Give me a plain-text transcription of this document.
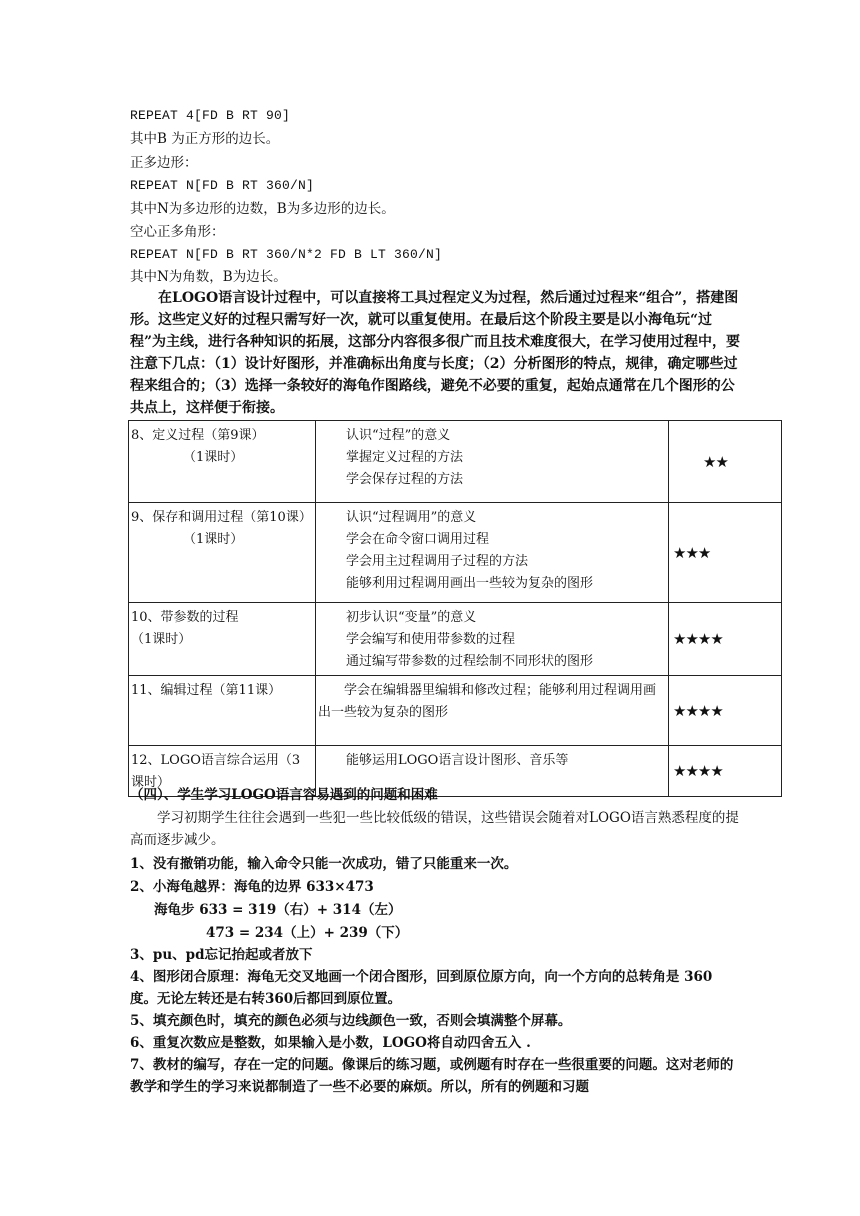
REPEAT 4[FD B RT 90]
其中B 为正方形的边长。
正多边形：
REPEAT N[FD B RT 360/N]
其中N为多边形的边数，B为多边形的边长。
空心正多角形：
REPEAT N[FD B RT 360/N*2 FD B LT 360/N]
其中N为角数，B为边长。

在LOGO语言设计过程中，可以直接将工具过程定义为过程，然后通过过程来“组合”，搭建图形。这些定义好的过程只需写好一次，就可以重复使用。在最后这个阶段主要是以小海龟玩“过程”为主线，进行各种知识的拓展，这部分内容很多很广而且技术难度很大，在学习使用过程中，要注意下几点：（1）设计好图形，并准确标出角度与长度；（2）分析图形的特点，规律，确定哪些过程来组合的；（3）选择一条较好的海龟作图路线，避免不必要的重复，起始点通常在几个图形的公共点上，这样便于衔接。

8、定义过程（第9课）
（1课时）	认识“过程”的意义
掌握定义过程的方法
学会保存过程的方法	★★

9、保存和调用过程（第10课）
（1课时）	认识“过程调用”的意义
学会在命令窗口调用过程
学会用主过程调用子过程的方法
能够利用过程调用画出一些较为复杂的图形	★★★

10、带参数的过程
（1课时）	初步认识“变量”的意义
学会编写和使用带参数的过程
通过编写带参数的过程绘制不同形状的图形	★★★★

11、编辑过程（第11课）	学会在编辑器里编辑和修改过程；能够利用过程调用画出一些较为复杂的图形	★★★★

12、LOGO语言综合运用（3课时）	能够运用LOGO语言设计图形、音乐等	★★★★
（四）、学生学习LOGO语言容易遇到的问题和困难

学习初期学生往往会遇到一些犯一些比较低级的错误，这些错误会随着对LOGO语言熟悉程度的提高而逐步减少。

1、没有撤销功能，输入命令只能一次成功，错了只能重来一次。
2、小海龟越界：海龟的边界 633×473
海龟步 633 = 319（右）+ 314（左）
473 = 234（上）+ 239（下）
3、pu、pd忘记抬起或者放下
4、图形闭合原理：海龟无交叉地画一个闭合图形，回到原位原方向，向一个方向的总转角是 360 度。无论左转还是右转360后都回到原位置。
5、填充颜色时，填充的颜色必须与边线颜色一致，否则会填满整个屏幕。
6、重复次数应是整数，如果输入是小数，LOGO将自动四舍五入 .
7、教材的编写，存在一定的问题。像课后的练习题，或例题有时存在一些很重要的问题。这对老师的教学和学生的学习来说都制造了一些不必要的麻烦。所以，所有的例题和习题
